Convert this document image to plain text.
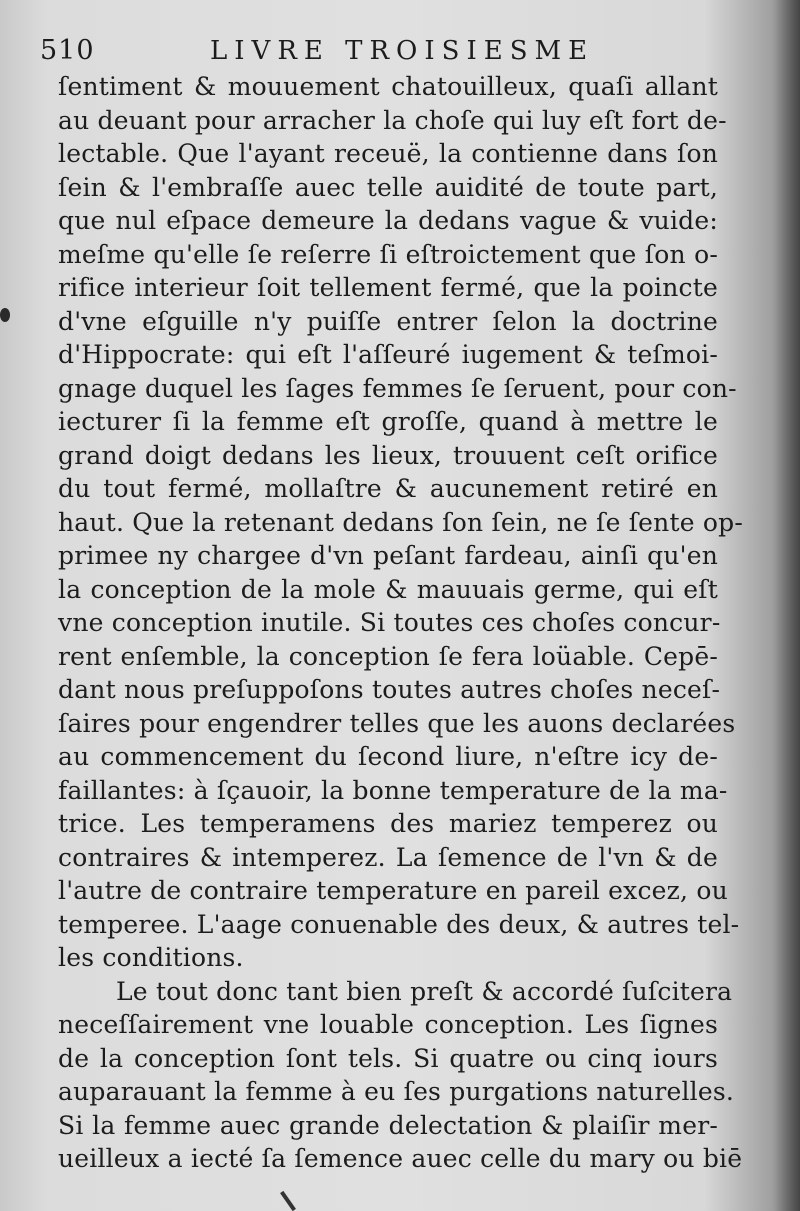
510	LIVRE TROISIESME
ſentiment & mouuement chatouilleux, quaſi allant
au deuant pour arracher la choſe qui luy eſt fort de-
lectable. Que l'ayant receuë, la contienne dans ſon
ſein & l'embraſſe auec telle auidité de toute part,
que nul eſpace demeure la dedans vague & vuide:
meſme qu'elle ſe reſerre ſi eſtroictement que ſon o-
rifice interieur ſoit tellement fermé, que la poincte
d'vne eſguille n'y puiſſe entrer ſelon la doctrine
d'Hippocrate: qui eſt l'aſſeuré iugement & teſmoi-
gnage duquel les ſages femmes ſe ſeruent, pour con-
iecturer ſi la femme eſt groſſe, quand à mettre le
grand doigt dedans les lieux, trouuent ceſt orifice
du tout fermé, mollaſtre & aucunement retiré en
haut. Que la retenant dedans ſon ſein, ne ſe ſente op-
primee ny chargee d'vn peſant fardeau, ainſi qu'en
la conception de la mole & mauuais germe, qui eſt
vne conception inutile. Si toutes ces choſes concur-
rent enſemble, la conception ſe fera loüable. Cepē-
dant nous preſuppoſons toutes autres choſes neceſ-
ſaires pour engendrer telles que les auons declarées
au commencement du ſecond liure, n'eſtre icy de-
faillantes: à ſçauoir, la bonne temperature de la ma-
trice. Les temperamens des mariez temperez ou
contraires & intemperez. La ſemence de l'vn & de
l'autre de contraire temperature en pareil excez, ou
temperee. L'aage conuenable des deux, & autres tel-
les conditions.
Le tout donc tant bien preſt & accordé ſuſcitera
neceſſairement vne louable conception. Les ſignes
de la conception ſont tels. Si quatre ou cinq iours
auparauant la femme à eu ſes purgations naturelles.
Si la femme auec grande delectation & plaiſir mer-
ueilleux a iecté ſa ſemence auec celle du mary ou biē
